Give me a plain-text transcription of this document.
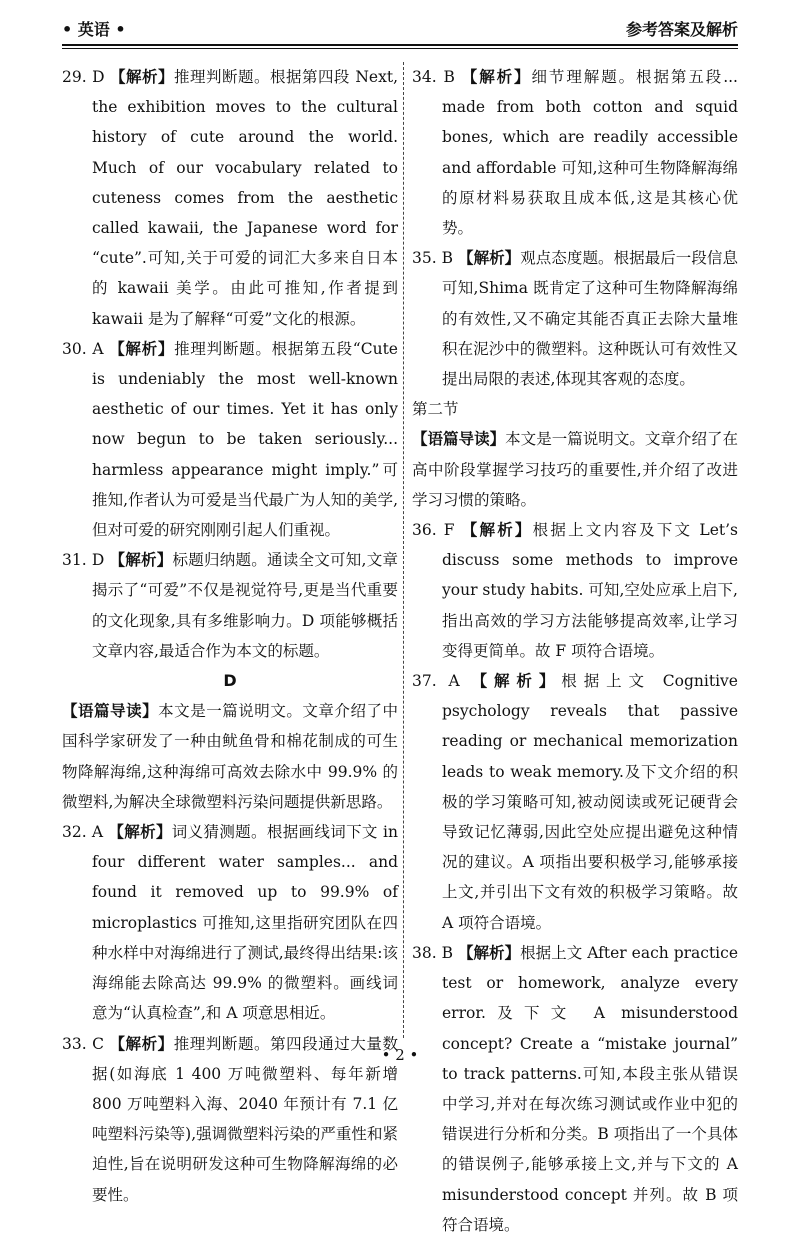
• 英语 •	参考答案及解析

29. D 【解析】推理判断题。根据第四段 Next, the exhibition moves to the cultural history of cute around the world. Much of our vocabulary related to cuteness comes from the aesthetic called kawaii, the Japanese word for “cute”.可知,关于可爱的词汇大多来自日本的 kawaii 美学。由此可推知,作者提到 kawaii 是为了解释“可爱”文化的根源。

30. A 【解析】推理判断题。根据第五段“Cute is undeniably the most well-known aesthetic of our times. Yet it has only now begun to be taken seriously... harmless appearance might imply.”可推知,作者认为可爱是当代最广为人知的美学,但对可爱的研究刚刚引起人们重视。

31. D 【解析】标题归纳题。通读全文可知,文章揭示了“可爱”不仅是视觉符号,更是当代重要的文化现象,具有多维影响力。D 项能够概括文章内容,最适合作为本文的标题。

D

【语篇导读】本文是一篇说明文。文章介绍了中国科学家研发了一种由鱿鱼骨和棉花制成的可生物降解海绵,这种海绵可高效去除水中 99.9% 的微塑料,为解决全球微塑料污染问题提供新思路。

32. A 【解析】词义猜测题。根据画线词下文 in four different water samples... and found it removed up to 99.9% of microplastics 可推知,这里指研究团队在四种水样中对海绵进行了测试,最终得出结果:该海绵能去除高达 99.9% 的微塑料。画线词意为“认真检查”,和 A 项意思相近。

33. C 【解析】推理判断题。第四段通过大量数据(如海底 1 400 万吨微塑料、每年新增 800 万吨塑料入海、2040 年预计有 7.1 亿吨塑料污染等),强调微塑料污染的严重性和紧迫性,旨在说明研发这种可生物降解海绵的必要性。

34. B 【解析】细节理解题。根据第五段... made from both cotton and squid bones, which are readily accessible and affordable 可知,这种可生物降解海绵的原材料易获取且成本低,这是其核心优势。

35. B 【解析】观点态度题。根据最后一段信息可知,Shima 既肯定了这种可生物降解海绵的有效性,又不确定其能否真正去除大量堆积在泥沙中的微塑料。这种既认可有效性又提出局限的表述,体现其客观的态度。

第二节

【语篇导读】本文是一篇说明文。文章介绍了在高中阶段掌握学习技巧的重要性,并介绍了改进学习习惯的策略。

36. F 【解析】根据上文内容及下文 Let’s discuss some methods to improve your study habits. 可知,空处应承上启下,指出高效的学习方法能够提高效率,让学习变得更简单。故 F 项符合语境。

37. A 【解析】根据上文 Cognitive psychology reveals that passive reading or mechanical memorization leads to weak memory.及下文介绍的积极的学习策略可知,被动阅读或死记硬背会导致记忆薄弱,因此空处应提出避免这种情况的建议。A 项指出要积极学习,能够承接上文,并引出下文有效的积极学习策略。故 A 项符合语境。

38. B 【解析】根据上文 After each practice test or homework, analyze every error.及下文 A misunderstood concept? Create a “mistake journal” to track patterns.可知,本段主张从错误中学习,并对在每次练习测试或作业中犯的错误进行分析和分类。B 项指出了一个具体的错误例子,能够承接上文,并与下文的 A misunderstood concept 并列。故 B 项符合语境。

• 2 •
